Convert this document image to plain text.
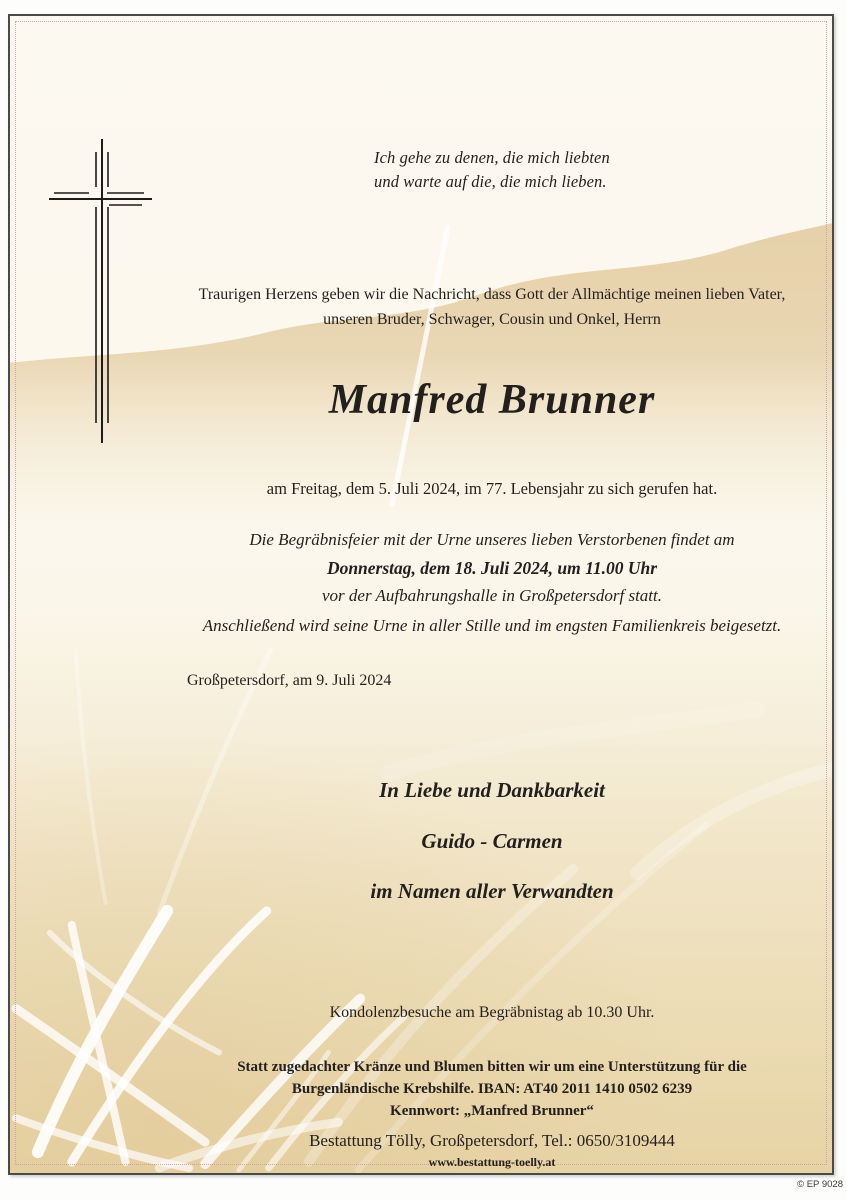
Ich gehe zu denen, die mich liebten
und warte auf die, die mich lieben.
Traurigen Herzens geben wir die Nachricht, dass Gott der Allmächtige meinen lieben Vater,
unseren Bruder, Schwager, Cousin und Onkel, Herrn
Manfred Brunner
am Freitag, dem 5. Juli 2024, im 77. Lebensjahr zu sich gerufen hat.
Die Begräbnisfeier mit der Urne unseres lieben Verstorbenen findet am
Donnerstag, dem 18. Juli 2024, um 11.00 Uhr
vor der Aufbahrungshalle in Großpetersdorf statt.
Anschließend wird seine Urne in aller Stille und im engsten Familienkreis beigesetzt.
Großpetersdorf, am 9. Juli 2024
In Liebe und Dankbarkeit
Guido - Carmen
im Namen aller Verwandten
Kondolenzbesuche am Begräbnistag ab 10.30 Uhr.
Statt zugedachter Kränze und Blumen bitten wir um eine Unterstützung für die
Burgenländische Krebshilfe. IBAN: AT40 2011 1410 0502 6239
Kennwort: „Manfred Brunner“
Bestattung Tölly, Großpetersdorf, Tel.: 0650/3109444
www.bestattung-toelly.at
© EP 9028
